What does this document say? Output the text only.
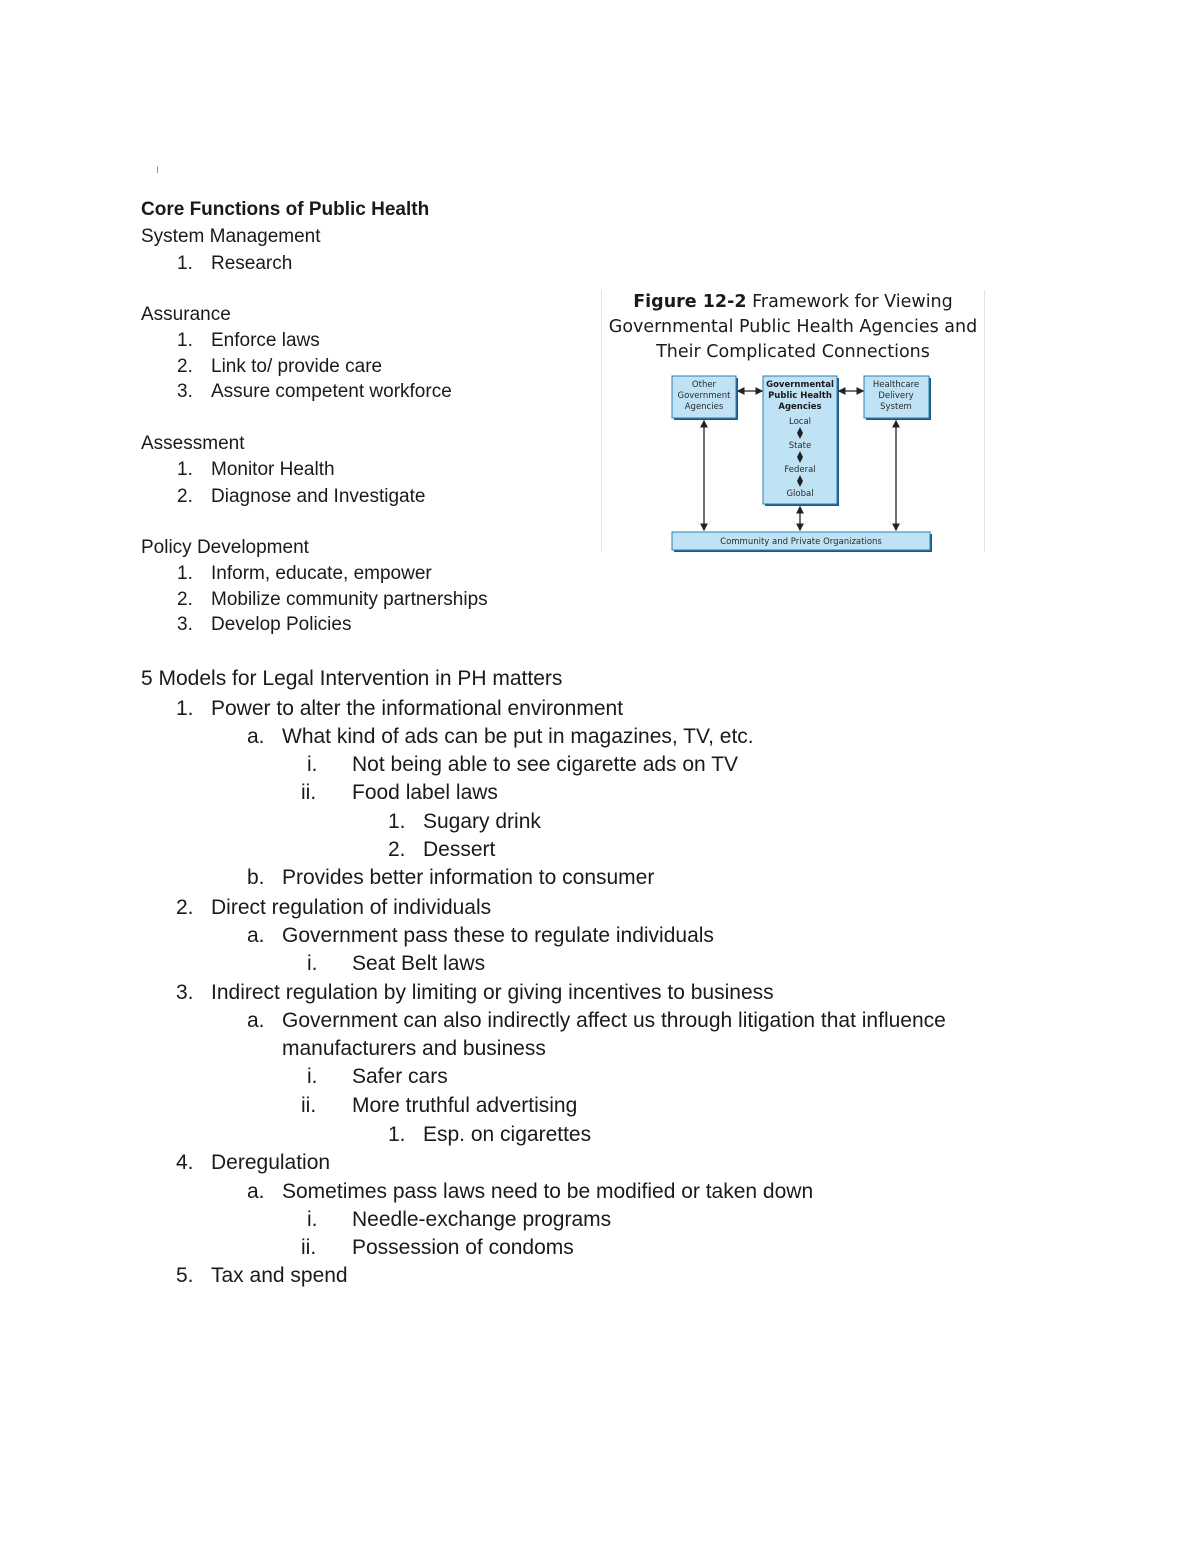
Core Functions of Public Health
System Management
1. Research
Assurance
1. Enforce laws
2. Link to/ provide care
3. Assure competent workforce
Assessment
1. Monitor Health
2. Diagnose and Investigate
Policy Development
1. Inform, educate, empower
2. Mobilize community partnerships
3. Develop Policies
Figure 12-2 Framework for Viewing
Governmental Public Health Agencies and
Their Complicated Connections
Other
Government
Agencies
Governmental
Public Health
Agencies
Local
State
Federal
Global
Healthcare
Delivery
System
Community and Private Organizations
5 Models for Legal Intervention in PH matters
1. Power to alter the informational environment
a. What kind of ads can be put in magazines, TV, etc.
i. Not being able to see cigarette ads on TV
ii. Food label laws
1. Sugary drink
2. Dessert
b. Provides better information to consumer
2. Direct regulation of individuals
a. Government pass these to regulate individuals
i. Seat Belt laws
3. Indirect regulation by limiting or giving incentives to business
a. Government can also indirectly affect us through litigation that influence
manufacturers and business
i. Safer cars
ii. More truthful advertising
1. Esp. on cigarettes
4. Deregulation
a. Sometimes pass laws need to be modified or taken down
i. Needle-exchange programs
ii. Possession of condoms
5. Tax and spend
